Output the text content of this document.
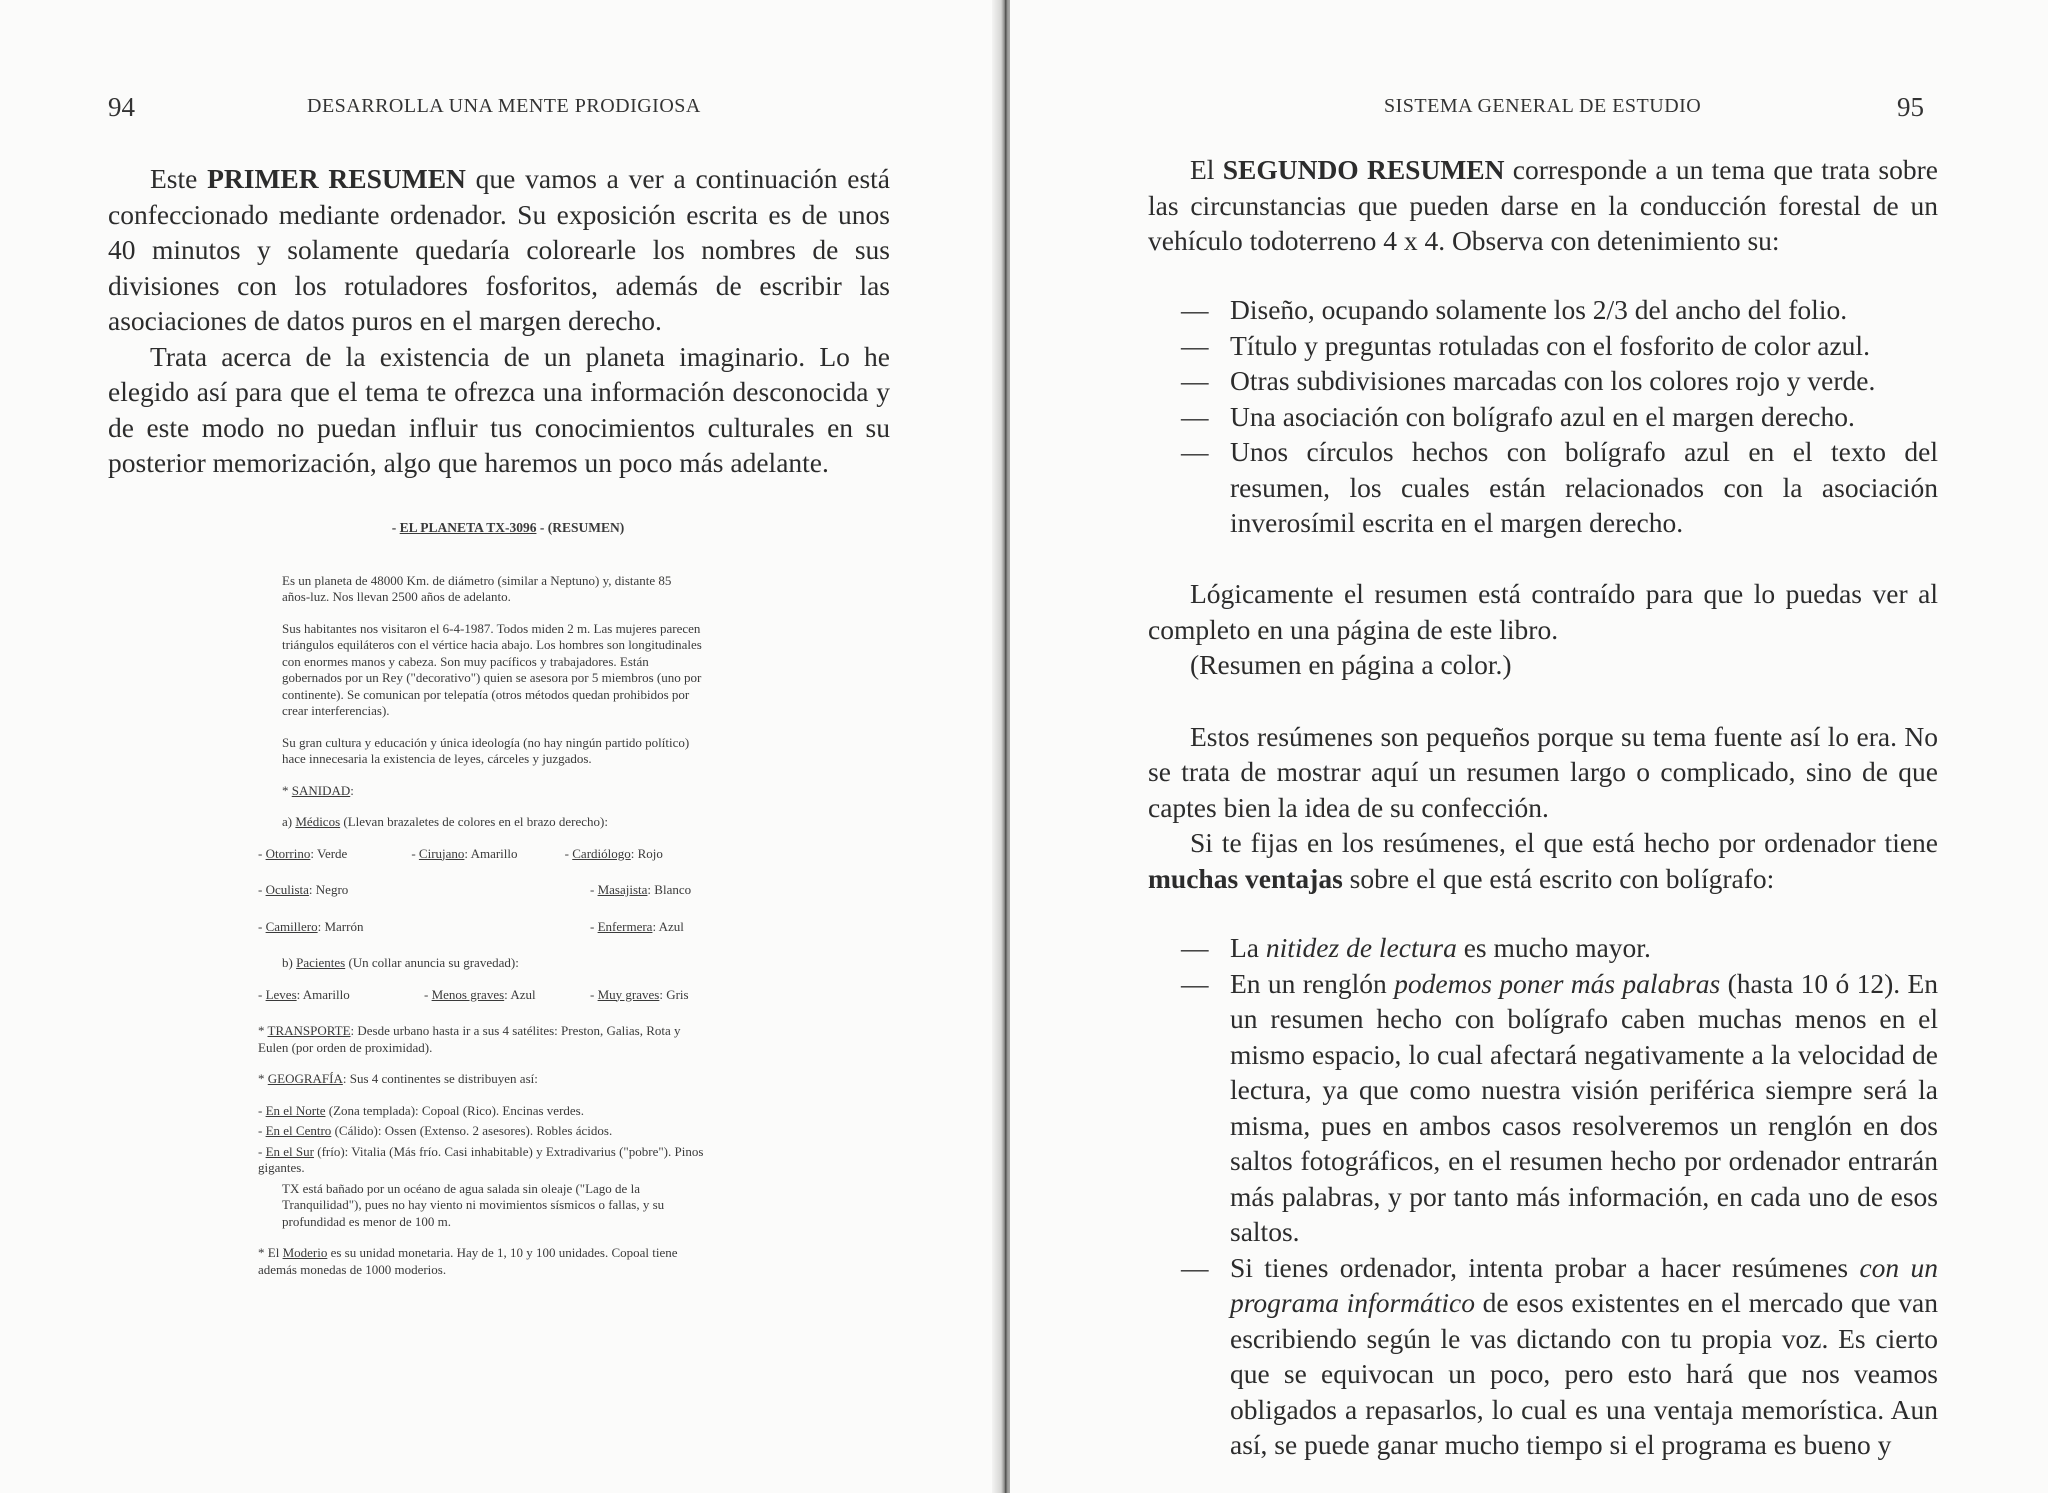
94	DESARROLLA UNA MENTE PRODIGIOSA

Este PRIMER RESUMEN que vamos a ver a continuación está confeccionado mediante ordenador. Su exposición escrita es de unos 40 minutos y solamente quedaría colorearle los nombres de sus divisiones con los rotuladores fosforitos, además de escribir las asociaciones de datos puros en el margen derecho.

Trata acerca de la existencia de un planeta imaginario. Lo he elegido así para que el tema te ofrezca una información desconocida y de este modo no puedan influir tus conocimientos culturales en su posterior memorización, algo que haremos un poco más adelante.

- EL PLANETA TX-3096 - (RESUMEN)
Es un planeta de 48000 Km. de diámetro (similar a Neptuno) y, distante 85 años-luz. Nos llevan 2500 años de adelanto.
Sus habitantes nos visitaron el 6-4-1987. Todos miden 2 m. Las mujeres parecen triángulos equiláteros con el vértice hacia abajo. Los hombres son longitudinales con enormes manos y cabeza. Son muy pacíficos y trabajadores. Están gobernados por un Rey ("decorativo") quien se asesora por 5 miembros (uno por continente). Se comunican por telepatía (otros métodos quedan prohibidos por crear interferencias).
Su gran cultura y educación y única ideología (no hay ningún partido político) hace innecesaria la existencia de leyes, cárceles y juzgados.
* SANIDAD:
a) Médicos (Llevan brazaletes de colores en el brazo derecho):
- Otorrino: Verde	- Cirujano: Amarillo	- Cardiólogo: Rojo
- Oculista: Negro	- Masajista: Blanco
- Camillero: Marrón	- Enfermera: Azul
b) Pacientes (Un collar anuncia su gravedad):
- Leves: Amarillo	- Menos graves: Azul	- Muy graves: Gris
* TRANSPORTE: Desde urbano hasta ir a sus 4 satélites: Preston, Galias, Rota y Eulen (por orden de proximidad).
* GEOGRAFÍA: Sus 4 continentes se distribuyen así:
- En el Norte (Zona templada): Copoal (Rico). Encinas verdes.
- En el Centro (Cálido): Ossen (Extenso. 2 asesores). Robles ácidos.
- En el Sur (frío): Vitalia (Más frío. Casi inhabitable) y Extradivarius ("pobre"). Pinos gigantes.
TX está bañado por un océano de agua salada sin oleaje ("Lago de la Tranquilidad"), pues no hay viento ni movimientos sísmicos o fallas, y su profundidad es menor de 100 m.
* El Moderio es su unidad monetaria. Hay de 1, 10 y 100 unidades. Copoal tiene además monedas de 1000 moderios.
SISTEMA GENERAL DE ESTUDIO	95

El SEGUNDO RESUMEN corresponde a un tema que trata sobre las circunstancias que pueden darse en la conducción forestal de un vehículo todoterreno 4 x 4. Observa con detenimiento su:

— Diseño, ocupando solamente los 2/3 del ancho del folio.
— Título y preguntas rotuladas con el fosforito de color azul.
— Otras subdivisiones marcadas con los colores rojo y verde.
— Una asociación con bolígrafo azul en el margen derecho.
— Unos círculos hechos con bolígrafo azul en el texto del resumen, los cuales están relacionados con la asociación inverosímil escrita en el margen derecho.

Lógicamente el resumen está contraído para que lo puedas ver al completo en una página de este libro.

(Resumen en página a color.)

Estos resúmenes son pequeños porque su tema fuente así lo era. No se trata de mostrar aquí un resumen largo o complicado, sino de que captes bien la idea de su confección.

Si te fijas en los resúmenes, el que está hecho por ordenador tiene muchas ventajas sobre el que está escrito con bolígrafo:

— La nitidez de lectura es mucho mayor.
— En un renglón podemos poner más palabras (hasta 10 ó 12). En un resumen hecho con bolígrafo caben muchas menos en el mismo espacio, lo cual afectará negativamente a la velocidad de lectura, ya que como nuestra visión periférica siempre será la misma, pues en ambos casos resolveremos un renglón en dos saltos fotográficos, en el resumen hecho por ordenador entrarán más palabras, y por tanto más información, en cada uno de esos saltos.
— Si tienes ordenador, intenta probar a hacer resúmenes con un programa informático de esos existentes en el mercado que van escribiendo según le vas dictando con tu propia voz. Es cierto que se equivocan un poco, pero esto hará que nos veamos obligados a repasarlos, lo cual es una ventaja memorística. Aun así, se puede ganar mucho tiempo si el programa es bueno y
